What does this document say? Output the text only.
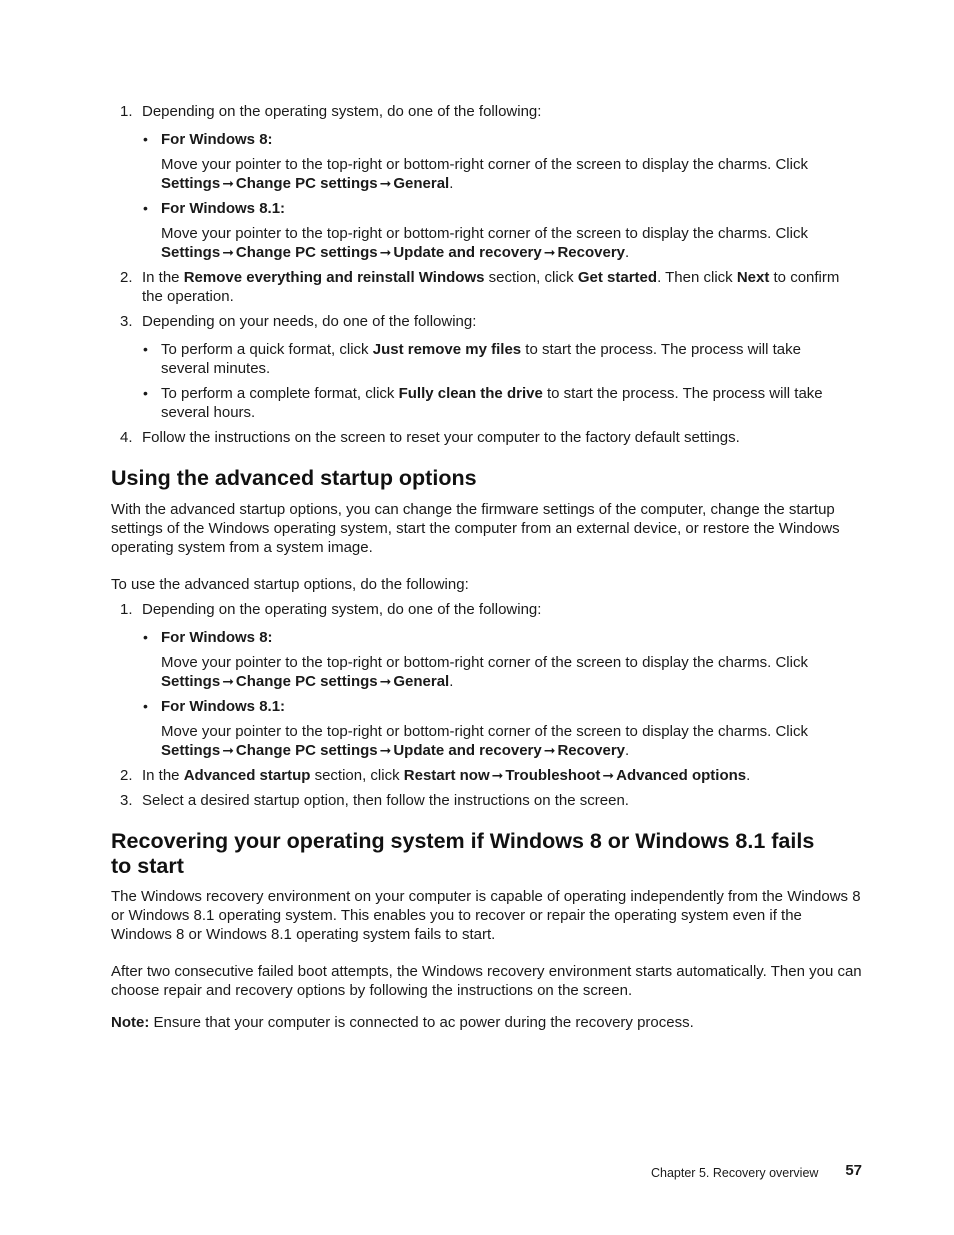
1. Depending on the operating system, do one of the following:
• For Windows 8:
Move your pointer to the top-right or bottom-right corner of the screen to display the charms. Click
Settings ➞ Change PC settings ➞ General.
• For Windows 8.1:
Move your pointer to the top-right or bottom-right corner of the screen to display the charms. Click
Settings ➞ Change PC settings ➞ Update and recovery ➞ Recovery.
2. In the Remove everything and reinstall Windows section, click Get started. Then click Next to confirm the operation.
3. Depending on your needs, do one of the following:
• To perform a quick format, click Just remove my files to start the process. The process will take several minutes.
• To perform a complete format, click Fully clean the drive to start the process. The process will take several hours.
4. Follow the instructions on the screen to reset your computer to the factory default settings.
Using the advanced startup options
With the advanced startup options, you can change the firmware settings of the computer, change the startup settings of the Windows operating system, start the computer from an external device, or restore the Windows operating system from a system image.
To use the advanced startup options, do the following:
1. Depending on the operating system, do one of the following:
• For Windows 8:
Move your pointer to the top-right or bottom-right corner of the screen to display the charms. Click
Settings ➞ Change PC settings ➞ General.
• For Windows 8.1:
Move your pointer to the top-right or bottom-right corner of the screen to display the charms. Click
Settings ➞ Change PC settings ➞ Update and recovery ➞ Recovery.
2. In the Advanced startup section, click Restart now ➞ Troubleshoot ➞ Advanced options.
3. Select a desired startup option, then follow the instructions on the screen.
Recovering your operating system if Windows 8 or Windows 8.1 fails
to start
The Windows recovery environment on your computer is capable of operating independently from the Windows 8 or Windows 8.1 operating system. This enables you to recover or repair the operating system even if the Windows 8 or Windows 8.1 operating system fails to start.
After two consecutive failed boot attempts, the Windows recovery environment starts automatically. Then you can choose repair and recovery options by following the instructions on the screen.
Note: Ensure that your computer is connected to ac power during the recovery process.
Chapter 5. Recovery overview 57
